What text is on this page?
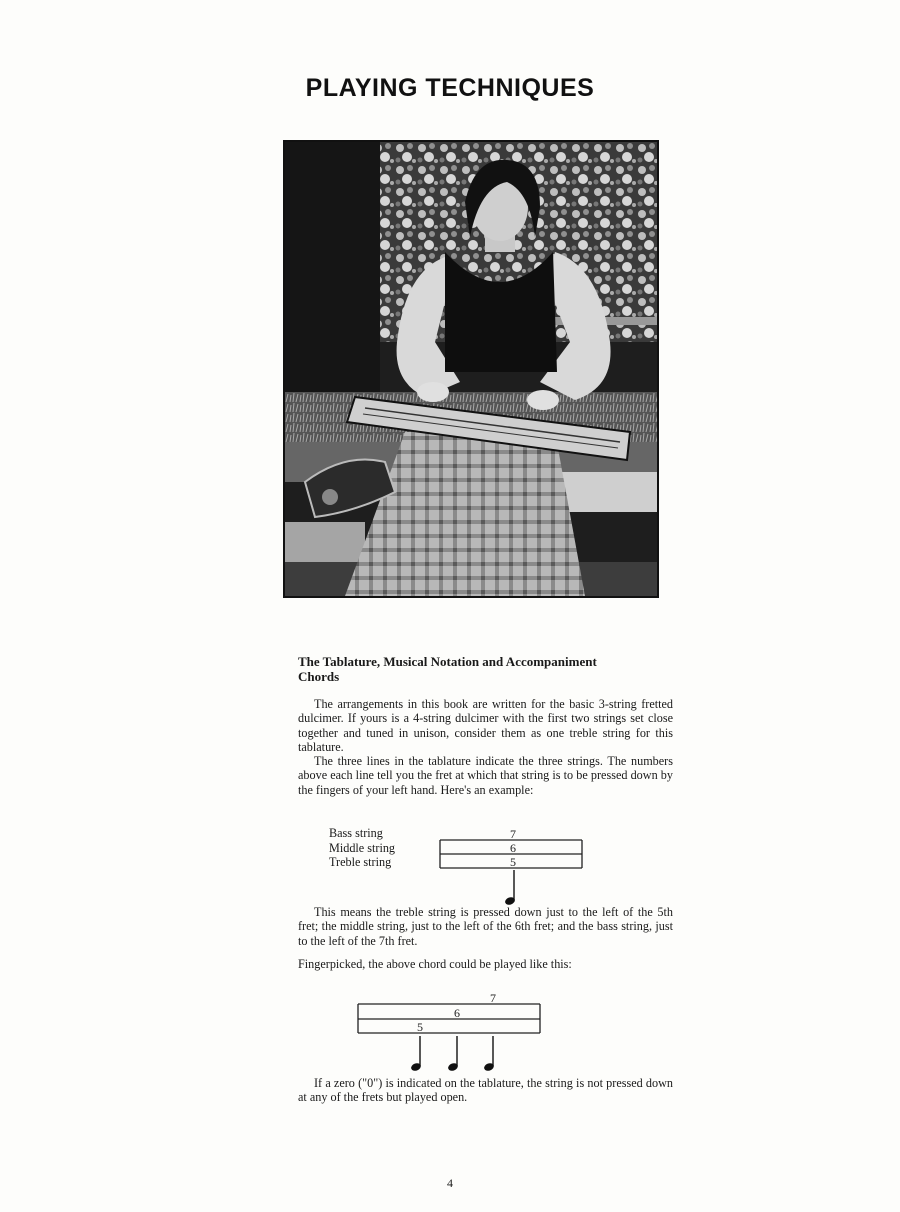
PLAYING TECHNIQUES
The Tablature, Musical Notation and Accompaniment Chords
The arrangements in this book are written for the basic 3-string fretted dulcimer. If yours is a 4-string dulcimer with the first two strings set close together and tuned in unison, consider them as one treble string for this tablature.
The three lines in the tablature indicate the three strings. The numbers above each line tell you the fret at which that string is to be pressed down by the fingers of your left hand. Here's an example:
Bass string
Middle string
Treble string
7
6
5
This means the treble string is pressed down just to the left of the 5th fret; the middle string, just to the left of the 6th fret; and the bass string, just to the left of the 7th fret.
Fingerpicked, the above chord could be played like this:
7
6
5
If a zero ("0") is indicated on the tablature, the string is not pressed down at any of the frets but played open.
4
